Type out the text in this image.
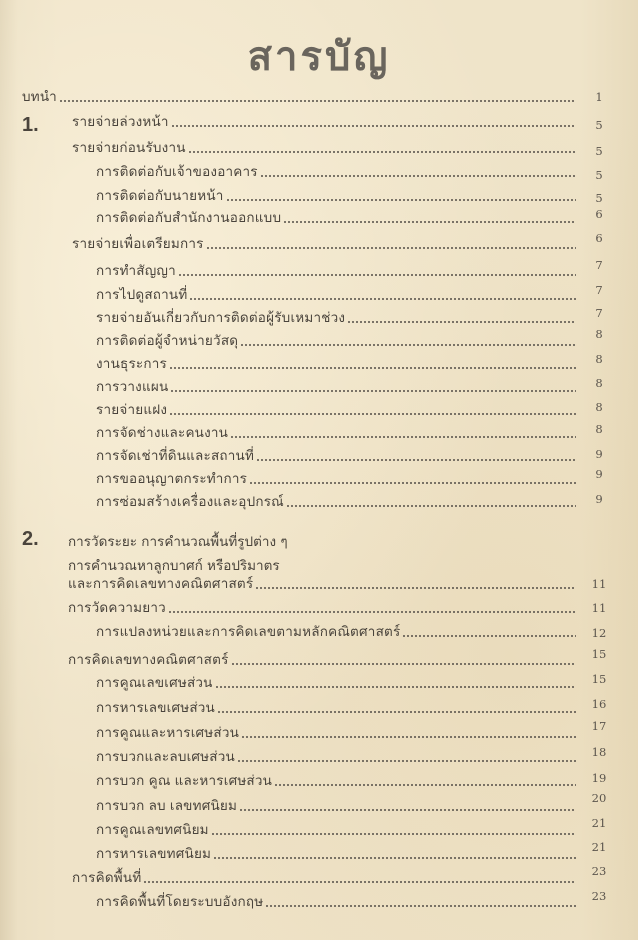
สารบัญ
บทนำ	1
1. รายจ่ายล่วงหน้า	5
รายจ่ายก่อนรับงาน	5
การติดต่อกับเจ้าของอาคาร	5
การติดต่อกับนายหน้า	5
การติดต่อกับสำนักงานออกแบบ	6
รายจ่ายเพื่อเตรียมการ	6
การทำสัญญา	7
การไปดูสถานที่	7
รายจ่ายอันเกี่ยวกับการติดต่อผู้รับเหมาช่วง	7
การติดต่อผู้จำหน่ายวัสดุ	8
งานธุระการ	8
การวางแผน	8
รายจ่ายแฝง	8
การจัดช่างและคนงาน	8
การจัดเช่าที่ดินและสถานที่	9
การขออนุญาตกระทำการ	9
การซ่อมสร้างเครื่องและอุปกรณ์	9
2. การวัดระยะ การคำนวณพื้นที่รูปต่าง ๆ
การคำนวณหาลูกบาศก์ หรือปริมาตร
และการคิดเลขทางคณิตศาสตร์	11
การวัดความยาว	11
การแปลงหน่วยและการคิดเลขตามหลักคณิตศาสตร์	12
การคิดเลขทางคณิตศาสตร์	15
การคูณเลขเศษส่วน	15
การหารเลขเศษส่วน	16
การคูณและหารเศษส่วน	17
การบวกและลบเศษส่วน	18
การบวก คูณ และหารเศษส่วน	19
การบวก ลบ เลขทศนิยม	20
การคูณเลขทศนิยม	21
การหารเลขทศนิยม	21
การคิดพื้นที่	23
การคิดพื้นที่โดยระบบอังกฤษ	23
